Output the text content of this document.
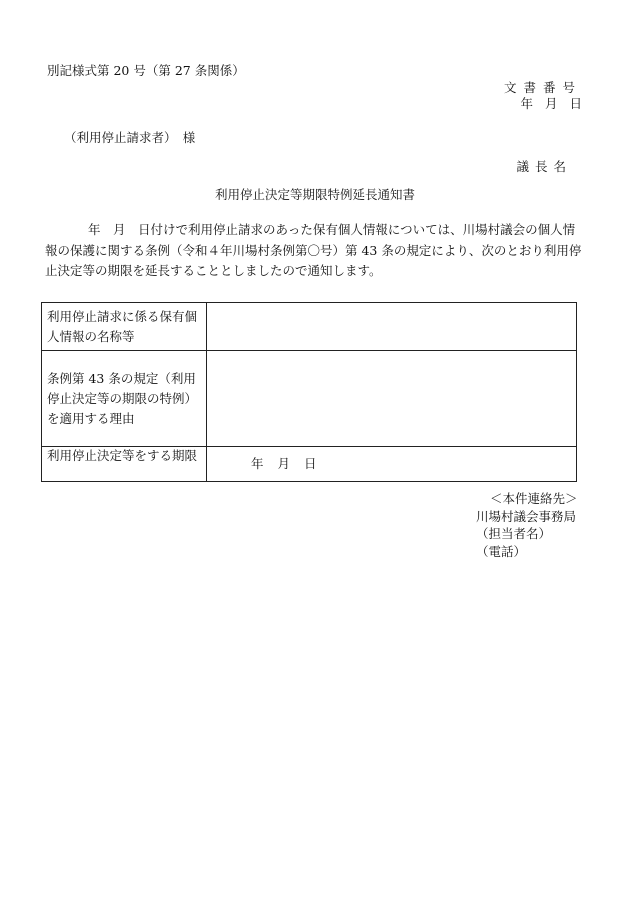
別記様式第 20 号（第 27 条関係）
文書番号
年 月 日
（利用停止請求者）　様
議長名
利用停止決定等期限特例延長通知書
年　月　日付けで利用停止請求のあった保有個人情報については、川場村議会の個人情報の保護に関する条例（令和４年川場村条例第〇号）第 43 条の規定により、次のとおり利用停止決定等の期限を延長することとしましたので通知します。
利用停止請求に係る保有個人情報の名称等	
条例第 43 条の規定（利用停止決定等の期限の特例）を適用する理由	
利用停止決定等をする期限	年 月 日
＜本件連絡先＞
川場村議会事務局
（担当者名）
（電話）
